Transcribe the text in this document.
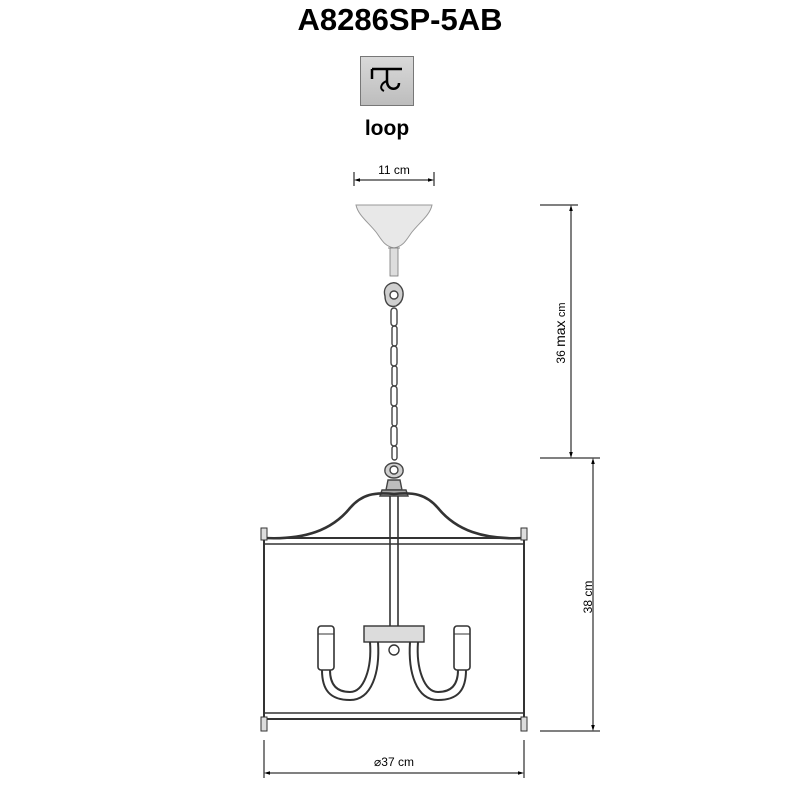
A8286SP-5AB
loop
11 cm
36 max cm
38 cm
⌀37 cm
